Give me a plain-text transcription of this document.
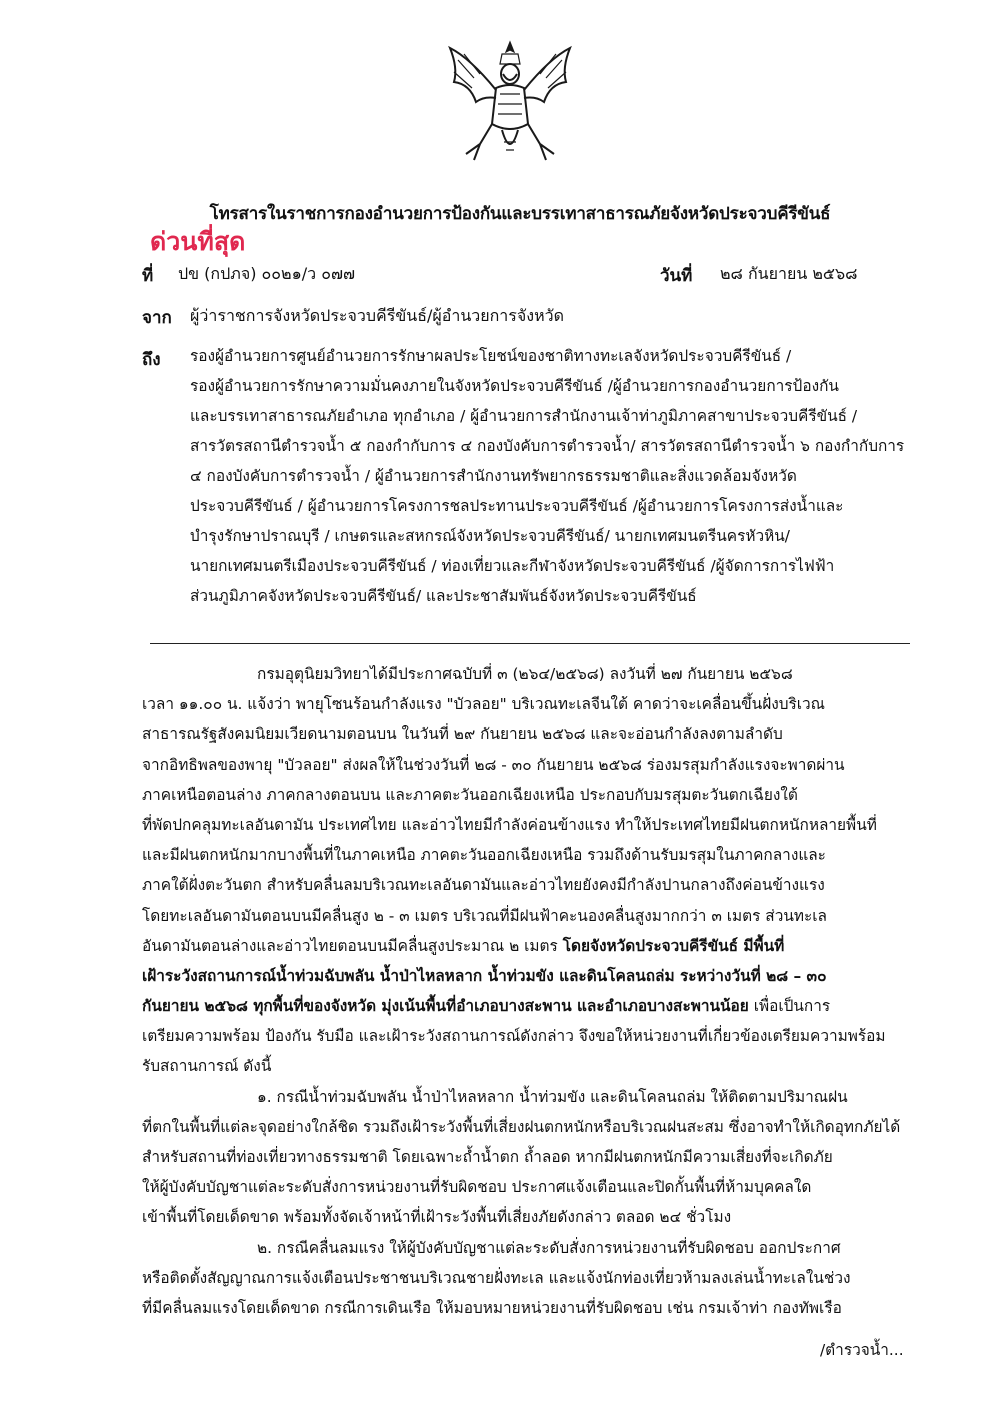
โทรสารในราชการกองอำนวยการป้องกันและบรรเทาสาธารณภัยจังหวัดประจวบคีรีขันธ์
ด่วนที่สุด
ที่ ปข (กปภจ) ๐๐๒๑/ว ๐๗๗	วันที่ ๒๘ กันยายน ๒๕๖๘
จาก ผู้ว่าราชการจังหวัดประจวบคีรีขันธ์/ผู้อำนวยการจังหวัด
ถึง รองผู้อำนวยการศูนย์อำนวยการรักษาผลประโยชน์ของชาติทางทะเลจังหวัดประจวบคีรีขันธ์ /
รองผู้อำนวยการรักษาความมั่นคงภายในจังหวัดประจวบคีรีขันธ์ /ผู้อำนวยการกองอำนวยการป้องกัน
และบรรเทาสาธารณภัยอำเภอ ทุกอำเภอ / ผู้อำนวยการสำนักงานเจ้าท่าภูมิภาคสาขาประจวบคีรีขันธ์ /
สารวัตรสถานีตำรวจน้ำ ๕ กองกำกับการ ๔ กองบังคับการตำรวจน้ำ/ สารวัตรสถานีตำรวจน้ำ ๖ กองกำกับการ
๔ กองบังคับการตำรวจน้ำ / ผู้อำนวยการสำนักงานทรัพยากรธรรมชาติและสิ่งแวดล้อมจังหวัด
ประจวบคีรีขันธ์ / ผู้อำนวยการโครงการชลประทานประจวบคีรีขันธ์ /ผู้อำนวยการโครงการส่งน้ำและ
บำรุงรักษาปราณบุรี / เกษตรและสหกรณ์จังหวัดประจวบคีรีขันธ์/ นายกเทศมนตรีนครหัวหิน/
นายกเทศมนตรีเมืองประจวบคีรีขันธ์ / ท่องเที่ยวและกีฬาจังหวัดประจวบคีรีขันธ์ /ผู้จัดการการไฟฟ้า
ส่วนภูมิภาคจังหวัดประจวบคีรีขันธ์/ และประชาสัมพันธ์จังหวัดประจวบคีรีขันธ์
กรมอุตุนิยมวิทยาได้มีประกาศฉบับที่ ๓ (๒๖๔/๒๕๖๘) ลงวันที่ ๒๗ กันยายน ๒๕๖๘
เวลา ๑๑.๐๐ น. แจ้งว่า พายุโซนร้อนกำลังแรง "บัวลอย" บริเวณทะเลจีนใต้ คาดว่าจะเคลื่อนขึ้นฝั่งบริเวณ
สาธารณรัฐสังคมนิยมเวียดนามตอนบน ในวันที่ ๒๙ กันยายน ๒๕๖๘ และจะอ่อนกำลังลงตามลำดับ
จากอิทธิพลของพายุ "บัวลอย" ส่งผลให้ในช่วงวันที่ ๒๘ - ๓๐ กันยายน ๒๕๖๘ ร่องมรสุมกำลังแรงจะพาดผ่าน
ภาคเหนือตอนล่าง ภาคกลางตอนบน และภาคตะวันออกเฉียงเหนือ ประกอบกับมรสุมตะวันตกเฉียงใต้
ที่พัดปกคลุมทะเลอันดามัน ประเทศไทย และอ่าวไทยมีกำลังค่อนข้างแรง ทำให้ประเทศไทยมีฝนตกหนักหลายพื้นที่
และมีฝนตกหนักมากบางพื้นที่ในภาคเหนือ ภาคตะวันออกเฉียงเหนือ รวมถึงด้านรับมรสุมในภาคกลางและ
ภาคใต้ฝั่งตะวันตก สำหรับคลื่นลมบริเวณทะเลอันดามันและอ่าวไทยยังคงมีกำลังปานกลางถึงค่อนข้างแรง
โดยทะเลอันดามันตอนบนมีคลื่นสูง ๒ - ๓ เมตร บริเวณที่มีฝนฟ้าคะนองคลื่นสูงมากกว่า ๓ เมตร ส่วนทะเล
อันดามันตอนล่างและอ่าวไทยตอนบนมีคลื่นสูงประมาณ ๒ เมตร โดยจังหวัดประจวบคีรีขันธ์ มีพื้นที่
เฝ้าระวังสถานการณ์น้ำท่วมฉับพลัน น้ำป่าไหลหลาก น้ำท่วมขัง และดินโคลนถล่ม ระหว่างวันที่ ๒๘ – ๓๐
กันยายน ๒๕๖๘ ทุกพื้นที่ของจังหวัด มุ่งเน้นพื้นที่อำเภอบางสะพาน และอำเภอบางสะพานน้อย เพื่อเป็นการ
เตรียมความพร้อม ป้องกัน รับมือ และเฝ้าระวังสถานการณ์ดังกล่าว จึงขอให้หน่วยงานที่เกี่ยวข้องเตรียมความพร้อม
รับสถานการณ์ ดังนี้
๑. กรณีน้ำท่วมฉับพลัน น้ำป่าไหลหลาก น้ำท่วมขัง และดินโคลนถล่ม ให้ติดตามปริมาณฝน
ที่ตกในพื้นที่แต่ละจุดอย่างใกล้ชิด รวมถึงเฝ้าระวังพื้นที่เสี่ยงฝนตกหนักหรือบริเวณฝนสะสม ซึ่งอาจทำให้เกิดอุทกภัยได้
สำหรับสถานที่ท่องเที่ยวทางธรรมชาติ โดยเฉพาะถ้ำน้ำตก ถ้ำลอด หากมีฝนตกหนักมีความเสี่ยงที่จะเกิดภัย
ให้ผู้บังคับบัญชาแต่ละระดับสั่งการหน่วยงานที่รับผิดชอบ ประกาศแจ้งเตือนและปิดกั้นพื้นที่ห้ามบุคคลใด
เข้าพื้นที่โดยเด็ดขาด พร้อมทั้งจัดเจ้าหน้าที่เฝ้าระวังพื้นที่เสี่ยงภัยดังกล่าว ตลอด ๒๔ ชั่วโมง
๒. กรณีคลื่นลมแรง ให้ผู้บังคับบัญชาแต่ละระดับสั่งการหน่วยงานที่รับผิดชอบ ออกประกาศ
หรือติดตั้งสัญญาณการแจ้งเตือนประชาชนบริเวณชายฝั่งทะเล และแจ้งนักท่องเที่ยวห้ามลงเล่นน้ำทะเลในช่วง
ที่มีคลื่นลมแรงโดยเด็ดขาด กรณีการเดินเรือ ให้มอบหมายหน่วยงานที่รับผิดชอบ เช่น กรมเจ้าท่า กองทัพเรือ
/ตำรวจน้ำ...
